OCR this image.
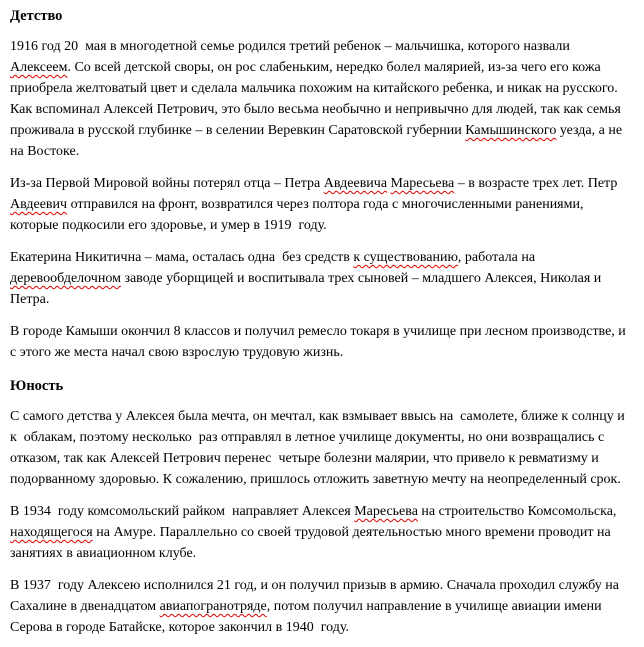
Детство

1916 год 20  мая в многодетной семье родился третий ребенок – мальчишка, которого назвали Алексеем. Со всей детской своры, он рос слабеньким, нередко болел малярией, из-за чего его кожа приобрела желтоватый цвет и сделала мальчика похожим на китайского ребенка, и никак на русского. Как вспоминал Алексей Петрович, это было весьма необычно и непривычно для людей, так как семья проживала в русской глубинке – в селении Веревкин Саратовской губернии Камышинского уезда, а не на Востоке.

Из-за Первой Мировой войны потерял отца – Петра Авдеевича Маресьева – в возрасте трех лет. Петр Авдеевич отправился на фронт, возвратился через полтора года с многочисленными ранениями, которые подкосили его здоровье, и умер в 1919  году.

Екатерина Никитична – мама, осталась одна  без средств к существованию, работала на деревообделочном заводе уборщицей и воспитывала трех сыновей – младшего Алексея, Николая и Петра.

В городе Камыши окончил 8 классов и получил ремесло токаря в училище при лесном производстве, и с этого же места начал свою взрослую трудовую жизнь.

Юность

С самого детства у Алексея была мечта, он мечтал, как взмывает ввысь на  самолете, ближе к солнцу и к  облакам, поэтому несколько  раз отправлял в летное училище документы, но они возвращались с отказом, так как Алексей Петрович перенес  четыре болезни малярии, что привело к ревматизму и подорванному здоровью. К сожалению, пришлось отложить заветную мечту на неопределенный срок.

В 1934  году комсомольский райком  направляет Алексея Маресьева на строительство Комсомольска, находящегося на Амуре. Параллельно со своей трудовой деятельностью много времени проводит на занятиях в авиационном клубе.

В 1937  году Алексею исполнился 21 год, и он получил призыв в армию. Сначала проходил службу на Сахалине в двенадцатом авиапогранотряде, потом получил направление в училище авиации имени Серова в городе Батайске, которое закончил в 1940  году.
